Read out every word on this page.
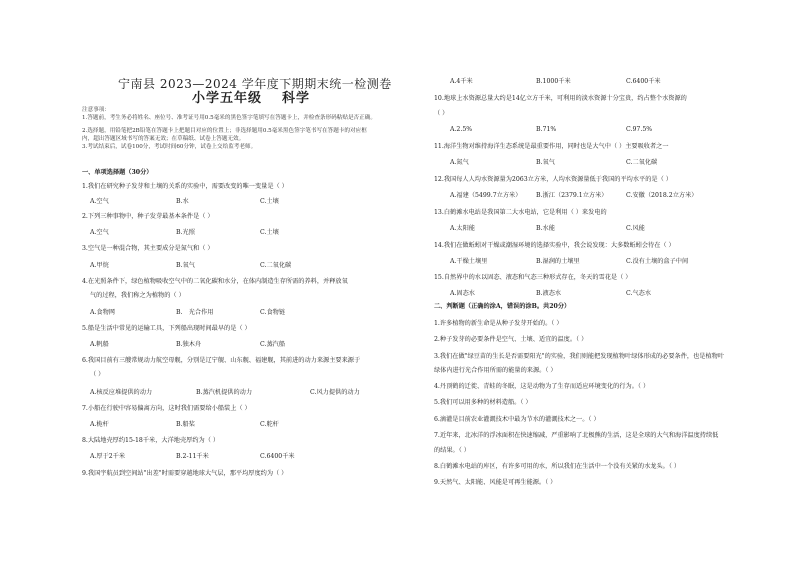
宁南县 2023—2024 学年度下期期末统一检测卷
小学五年级 科学
注意事项：
1.答题前，考生务必将姓名、座位号、准考证号用0.5毫米的黑色签字笔填写在答题卡上，并检查条形码粘贴是否正确。
2.选择题，用铅笔把2B铅笔在答题卡上把题目对应的位置上；非选择题用0.5毫米黑色签字笔书写在答题卡的对应框
内，超出答题区域书写的答案无效；在草稿纸、试卷上答题无效。
3.考试结束后，试卷100分，考试时间60分钟，试卷上交给监考老师。
一、单项选择题（30分）
1.我们在研究种子发芽和土壤的关系的实验中，需要改变的唯一变量是（ ）
A.空气	B.水	C.土壤
2.下列三种事物中，种子发芽最基本条件是（ ）
A.空气	B.光照	C.土壤
3.空气是一种混合物，其主要成分是氮气和（ ）
A.甲烷	B.氧气	C.二氧化碳
4.在光照条件下，绿色植物吸收空气中的二氧化碳和水分，在体内制造生存所需的养料，并释放氧
气的过程，我们称之为植物的（ ）
A.食物网	B.　光合作用	C.食物链
5.船是生活中常见的运输工具，下列船出现时间最早的是（ ）
A.帆船	B.独木舟	C.蒸汽船
6.我国目前有三艘常规动力航空母舰，分别是辽宁舰、山东舰、福建舰，其前进的动力来源主要来源于
（ ）
A.核反应堆提供的动力	B.蒸汽机提供的动力	C.风力提供的动力
7.小船在行驶中容易偏离方向，这时我们需要给小船装上（ ）
A.桅杆	B.船桨	C.舵杆
8.大陆地壳厚约15-18千米，大洋地壳厚约为（ ）
A.厚于2千米	B.2-11千米	C.6400千米
9.我国宇航员到空间站"出差"时需要穿越地球大气层，那平均厚度约为（ ）
A.4千米	B.1000千米	C.6400千米
10.地球上水资源总量大约是14亿立方千米，可利用的淡水资源十分宝贵，约占整个水资源的
（ ）
A.2.5%	B.71%	C.97.5%
11.海洋生物对维持海洋生态系统是最重要作用，同时也是大气中（ ）主要吸收者之一
A.氮气	B.氧气	C.二氧化碳
12.我国每人人均水资源量为2063立方米，人均水资源量低于我国的平均水平的是（ ）
A.福建（5499.7立方米） B.浙江（2379.1立方米）	C.安徽（2018.2立方米）
13.白鹤滩水电站是我国第二大水电站，它是利用（ ）来发电的
A.太阳能	B.水能	C.风能
14.我们在做蚯蚓对干燥或潮湿环境的选择实验中，我会说发现：大多数蚯蚓会待在（ ）
A.干燥土壤里	B.湿润的土壤里	C.没有土壤的盒子中间
15.自然界中的水以固态、液态和气态三种形式存在，冬天的雪花是（ ）
A.固态水	B.液态水	C.气态水
二、判断题（正确的涂A，错误的涂B。共20分）
1.许多植物的新生命是从种子发芽开始的。（ ）
2.种子发芽的必要条件是空气、土壤、适宜的温度。（ ）
3.我们在做"绿豆苗的生长是否需要阳光"的实验，我们则能把发现植物叶绿体形成的必要条件，也是植物叶
绿体内进行光合作用所需的能量的来源。（ ）
4.丹顶鹤的迁徙、青蛙的冬眠，这是动物为了生存而适应环境变化的行为。（ ）
5.我们可以用多种的材料造船。（ ）
6.滴灌是目前农业灌溉技术中最为节水的灌溉技术之一。（ ）
7.近年来，北冰洋的浮冰面积在快速缩减，严重影响了北极熊的生活，这是全球的大气和海洋温度持续低
的结果。（ ）
8.白鹤滩水电站的库区，有许多可用的水，所以我们在生活中一个没有关紧的水龙头。（ ）
9.天然气、太阳能、风能是可再生能源。（ ）
